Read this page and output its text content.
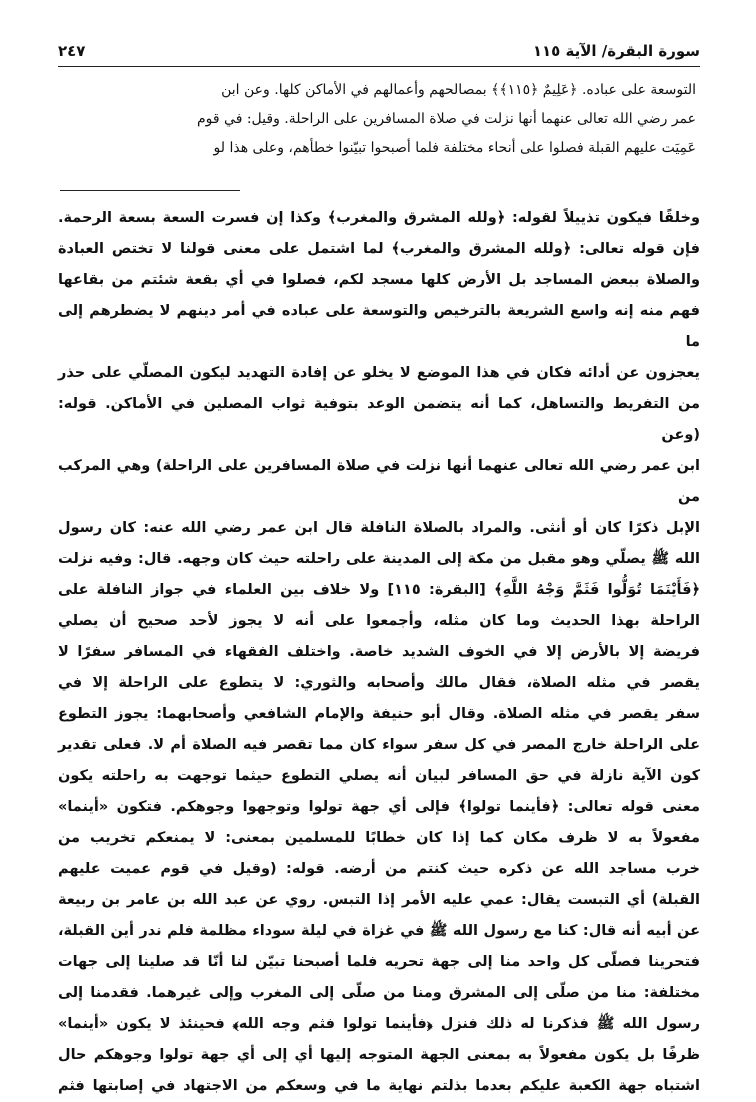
سورة البقرة/ الآية ١١٥
٢٤٧
التوسعة على عباده. ﴿عَلِيمٌ ﴿١١٥﴾﴾ بمصالحهم وأعمالهم في الأماكن كلها. وعن ابن
عمر رضي الله تعالى عنهما أنها نزلت في صلاة المسافرين على الراحلة. وقيل: في قوم
عَمِيَت عليهم القبلة فصلوا على أنحاء مختلفة فلما أصبحوا تبيّنوا خطأهم، وعلى هذا لو

وخلقًا فيكون تذييلاً لقوله: ﴿ولله المشرق والمغرب﴾ وكذا إن فسرت السعة بسعة الرحمة.

فإن قوله تعالى: ﴿ولله المشرق والمغرب﴾ لما اشتمل على معنى قولنا لا تختص العبادة

والصلاة ببعض المساجد بل الأرض كلها مسجد لكم، فصلوا في أي بقعة شئتم من بقاعها

فهم منه إنه واسع الشريعة بالترخيص والتوسعة على عباده في أمر دينهم لا يضطرهم إلى ما

يعجزون عن أدائه فكان في هذا الموضع لا يخلو عن إفادة التهديد ليكون المصلّي على حذر

من التفريط والتساهل، كما أنه يتضمن الوعد بتوفية ثواب المصلين في الأماكن. قوله: (وعن

ابن عمر رضي الله تعالى عنهما أنها نزلت في صلاة المسافرين على الراحلة) وهي المركب من

الإبل ذكرًا كان أو أنثى. والمراد بالصلاة النافلة قال ابن عمر رضي الله عنه: كان رسول

الله ﷺ يصلّي وهو مقبل من مكة إلى المدينة على راحلته حيث كان وجهه. قال: وفيه نزلت

﴿فَأَيْنَمَا تُوَلُّوا فَثَمَّ وَجْهُ اللَّهِ﴾ [البقرة: ١١٥] ولا خلاف بين العلماء في جواز النافلة على

الراحلة بهذا الحديث وما كان مثله، وأجمعوا على أنه لا يجوز لأحد صحيح أن يصلي

فريضة إلا بالأرض إلا في الخوف الشديد خاصة. واختلف الفقهاء في المسافر سفرًا لا

يقصر في مثله الصلاة، فقال مالك وأصحابه والثوري: لا يتطوع على الراحلة إلا في

سفر يقصر في مثله الصلاة. وقال أبو حنيفة والإمام الشافعي وأصحابهما: يجوز التطوع

على الراحلة خارج المصر في كل سفر سواء كان مما تقصر فيه الصلاة أم لا. فعلى تقدير

كون الآية نازلة في حق المسافر لبيان أنه يصلي التطوع حيثما توجهت به راحلته يكون

معنى قوله تعالى: ﴿فأينما تولوا﴾ فإلى أي جهة تولوا وتوجهوا وجوهكم. فتكون «أينما»

مفعولاً به لا ظرف مكان كما إذا كان خطابًا للمسلمين بمعنى: لا يمنعكم تخريب من

خرب مساجد الله عن ذكره حيث كنتم من أرضه. قوله: (وقيل في قوم عميت عليهم

القبلة) أي التبست يقال: عمي عليه الأمر إذا التبس. روي عن عبد الله بن عامر بن ربيعة

عن أبيه أنه قال: كنا مع رسول الله ﷺ في غزاة في ليلة سوداء مظلمة فلم ندر أين القبلة،

فتحرينا فصلّى كل واحد منا إلى جهة تحريه فلما أصبحنا تبيّن لنا أنّا قد صلينا إلى جهات

مختلفة: منا من صلّى إلى المشرق ومنا من صلّى إلى المغرب وإلى غيرهما. فقدمنا إلى

رسول الله ﷺ فذكرنا له ذلك فنزل ﴿فأينما تولوا فثم وجه الله﴾ فحينئذ لا يكون «أينما»

ظرفًا بل يكون مفعولاً به بمعنى الجهة المتوجه إليها أي إلى أي جهة تولوا وجوهكم حال

اشتباه جهة الكعبة عليكم بعدما بذلتم نهاية ما في وسعكم من الاجتهاد في إصابتها فثم
